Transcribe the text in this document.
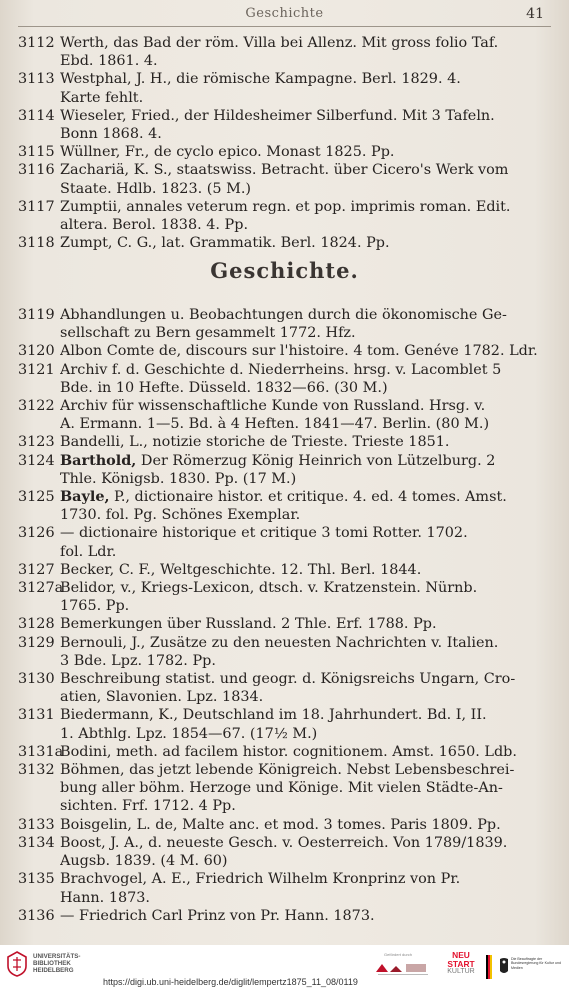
Geschichte	41
3112 Werth, das Bad der röm. Villa bei Allenz. Mit gross folio Taf.
Ebd. 1861. 4.
3113 Westphal, J. H., die römische Kampagne. Berl. 1829. 4.
Karte fehlt.
3114 Wieseler, Fried., der Hildesheimer Silberfund. Mit 3 Tafeln.
Bonn 1868. 4.
3115 Wüllner, Fr., de cyclo epico. Monast 1825. Pp.
3116 Zachariä, K. S., staatswiss. Betracht. über Cicero's Werk vom
Staate. Hdlb. 1823. (5 M.)
3117 Zumptii, annales veterum regn. et pop. imprimis roman. Edit.
altera. Berol. 1838. 4. Pp.
3118 Zumpt, C. G., lat. Grammatik. Berl. 1824. Pp.
Geschichte.
3119 Abhandlungen u. Beobachtungen durch die ökonomische Ge-
sellschaft zu Bern gesammelt 1772. Hfz.
3120 Albon Comte de, discours sur l'histoire. 4 tom. Genéve 1782. Ldr.
3121 Archiv f. d. Geschichte d. Niederrheins. hrsg. v. Lacomblet 5
Bde. in 10 Hefte. Düsseld. 1832—66. (30 M.)
3122 Archiv für wissenschaftliche Kunde von Russland. Hrsg. v.
A. Ermann. 1—5. Bd. à 4 Heften. 1841—47. Berlin. (80 M.)
3123 Bandelli, L., notizie storiche de Trieste. Trieste 1851.
3124 Barthold, Der Römerzug König Heinrich von Lützelburg. 2
Thle. Königsb. 1830. Pp. (17 M.)
3125 Bayle, P., dictionaire histor. et critique. 4. ed. 4 tomes. Amst.
1730. fol. Pg. Schönes Exemplar.
3126 — dictionaire historique et critique 3 tomi Rotter. 1702.
fol. Ldr.
3127 Becker, C. F., Weltgeschichte. 12. Thl. Berl. 1844.
3127a
Belidor, v., Kriegs-Lexicon, dtsch. v. Kratzenstein. Nürnb.
1765. Pp.
3128 Bemerkungen über Russland. 2 Thle. Erf. 1788. Pp.
3129 Bernouli, J., Zusätze zu den neuesten Nachrichten v. Italien.
3 Bde. Lpz. 1782. Pp.
3130 Beschreibung statist. und geogr. d. Königsreichs Ungarn, Cro-
atien, Slavonien. Lpz. 1834.
3131 Biedermann, K., Deutschland im 18. Jahrhundert. Bd. I, II.
1. Abthlg. Lpz. 1854—67. (17½ M.)
3131a
Bodini, meth. ad facilem histor. cognitionem. Amst. 1650. Ldb.
3132 Böhmen, das jetzt lebende Königreich. Nebst Lebensbeschrei-
bung aller böhm. Herzoge und Könige. Mit vielen Städte-An-
sichten. Frf. 1712. 4 Pp.
3133 Boisgelin, L. de, Malte anc. et mod. 3 tomes. Paris 1809. Pp.
3134 Boost, J. A., d. neueste Gesch. v. Oesterreich. Von 1789/1839.
Augsb. 1839. (4 M. 60)
3135 Brachvogel, A. E., Friedrich Wilhelm Kronprinz von Pr.
Hann. 1873.
3136 — Friedrich Carl Prinz von Pr. Hann. 1873.
UNIVERSITÄTS-
BIBLIOTHEK
HEIDELBERG
https://digi.ub.uni-heidelberg.de/diglit/lempertz1875_11_08/0119
Gefördert durch	NEU
START
KULTUR
Die Beauftragte der Bundesregierung für Kultur und Medien
